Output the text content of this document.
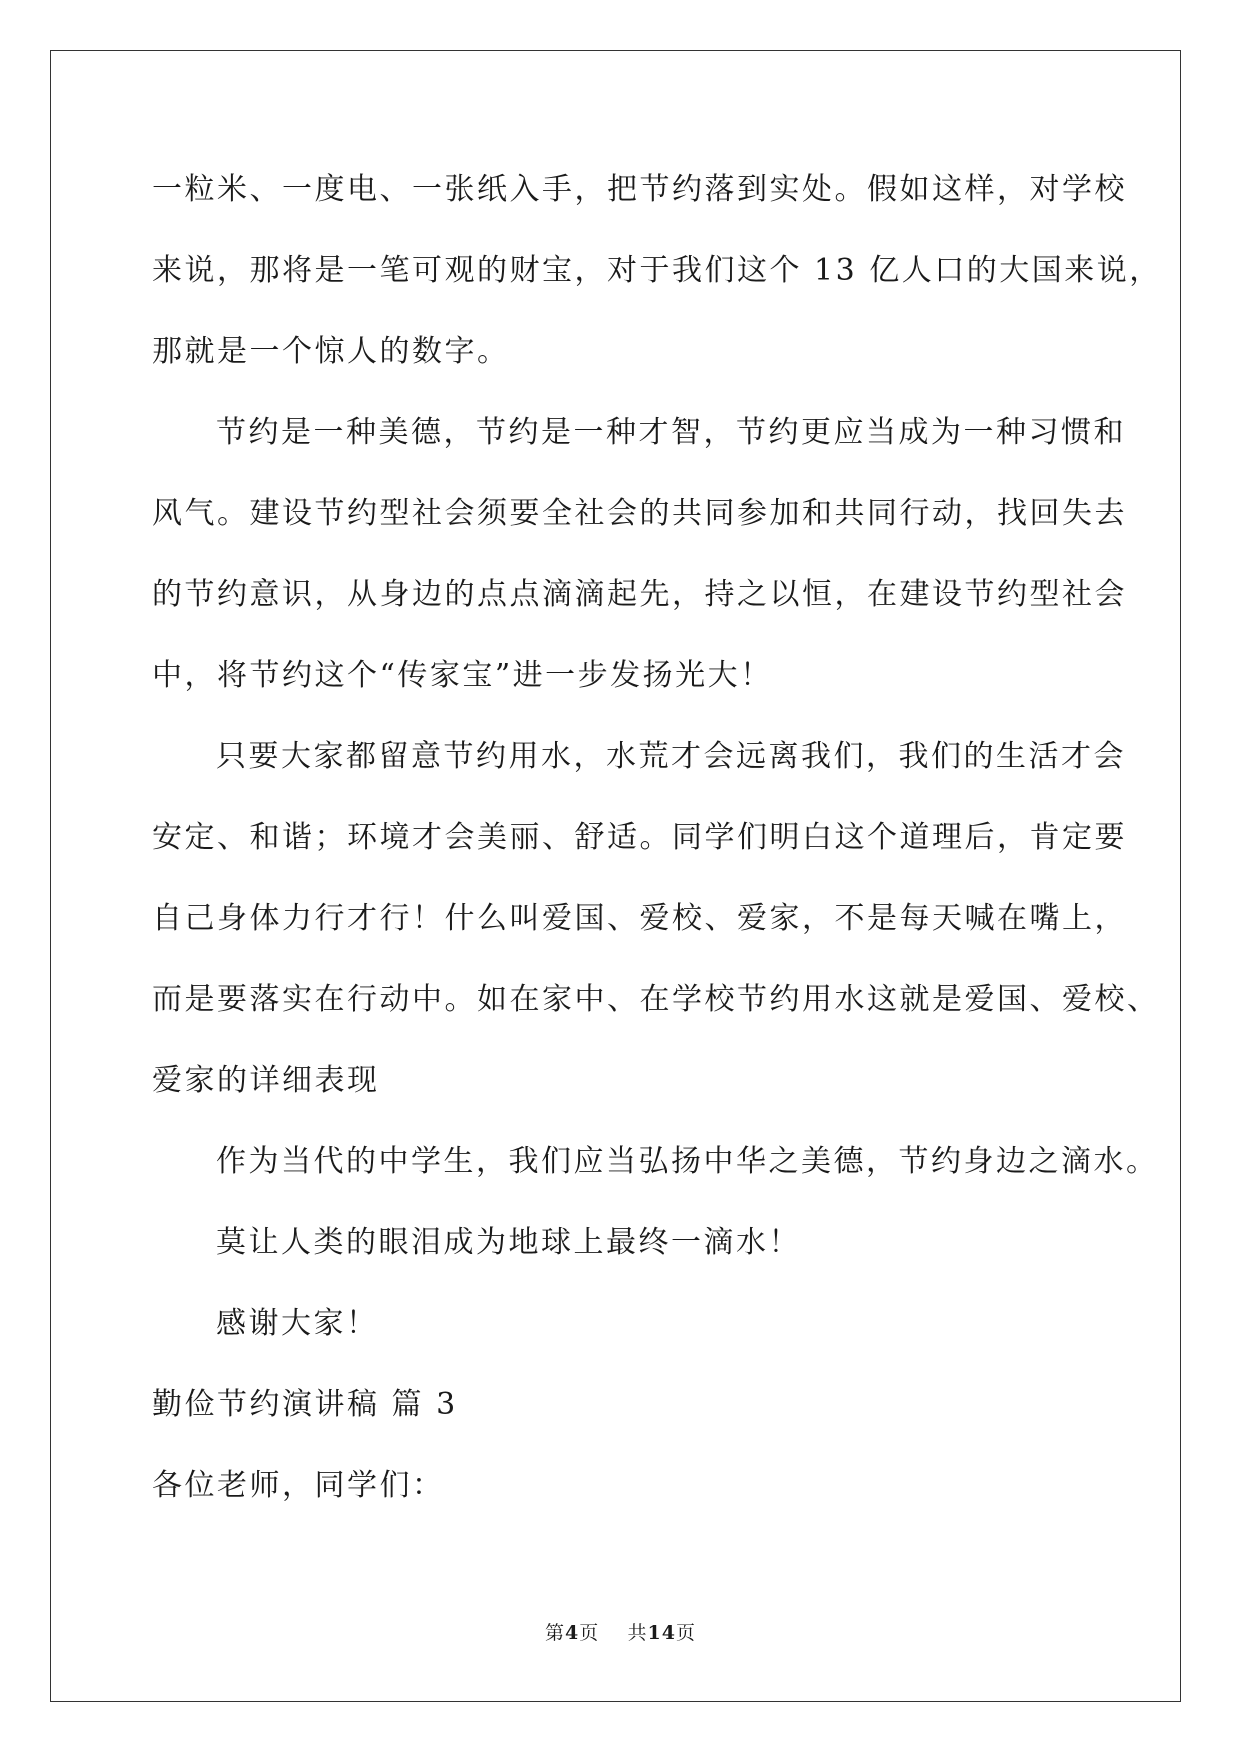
一粒米、一度电、一张纸入手，把节约落到实处。假如这样，对学校
来说，那将是一笔可观的财宝，对于我们这个 13 亿人口的大国来说，
那就是一个惊人的数字。
节约是一种美德，节约是一种才智，节约更应当成为一种习惯和
风气。建设节约型社会须要全社会的共同参加和共同行动，找回失去
的节约意识，从身边的点点滴滴起先，持之以恒，在建设节约型社会
中，将节约这个“传家宝”进一步发扬光大！
只要大家都留意节约用水，水荒才会远离我们，我们的生活才会
安定、和谐；环境才会美丽、舒适。同学们明白这个道理后，肯定要
自己身体力行才行！什么叫爱国、爱校、爱家，不是每天喊在嘴上，
而是要落实在行动中。如在家中、在学校节约用水这就是爱国、爱校、
爱家的详细表现
作为当代的中学生，我们应当弘扬中华之美德，节约身边之滴水。
莫让人类的眼泪成为地球上最终一滴水！
感谢大家！
勤俭节约演讲稿 篇 3
各位老师，同学们：
第4页 共14页
